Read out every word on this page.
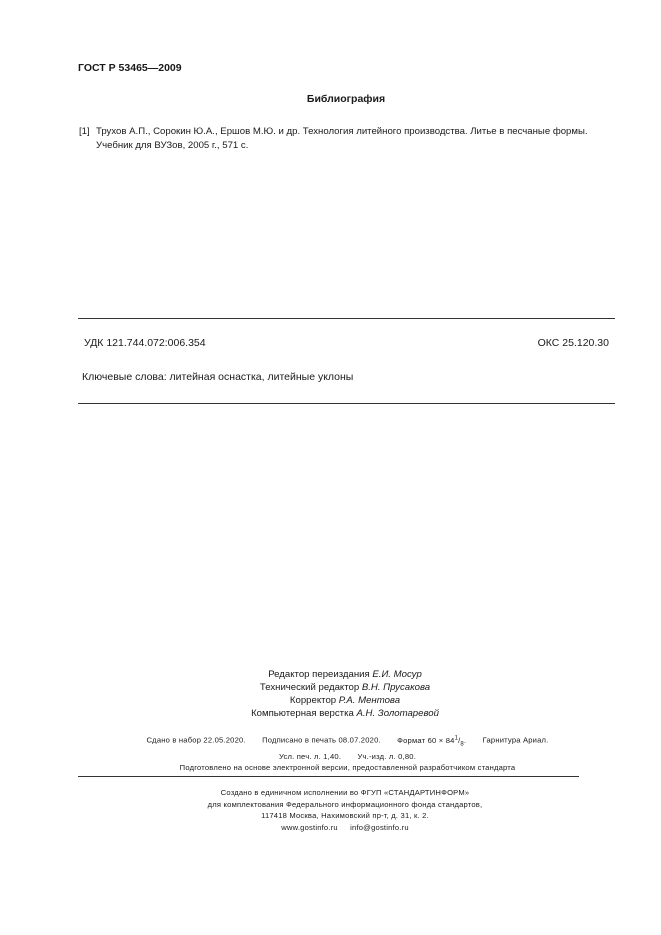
ГОСТ Р 53465—2009
Библиография
[1] Трухов А.П., Сорокин Ю.А., Ершов М.Ю. и др. Технология литейного производства. Литье в песчаные формы. Учебник для ВУЗов, 2005 г., 571 с.
УДК 121.744.072:006.354	ОКС 25.120.30
Ключевые слова: литейная оснастка, литейные уклоны
Редактор переиздания Е.И. Мосур
Технический редактор В.Н. Прусакова
Корректор Р.А. Ментова
Компьютерная верстка А.Н. Золотаревой
Сдано в набор 22.05.2020. Подписано в печать 08.07.2020. Формат $60 \times 84^1/_8$. Гарнитура Ариал.
Усл. печ. л. 1,40. Уч.-изд. л. 0,80.
Подготовлено на основе электронной версии, предоставленной разработчиком стандарта
Создано в единичном исполнении во ФГУП «СТАНДАРТИНФОРМ»
для комплектования Федерального информационного фонда стандартов,
117418 Москва, Нахимовский пр-т, д. 31, к. 2.
www.gostinfo.ru info@gostinfo.ru
